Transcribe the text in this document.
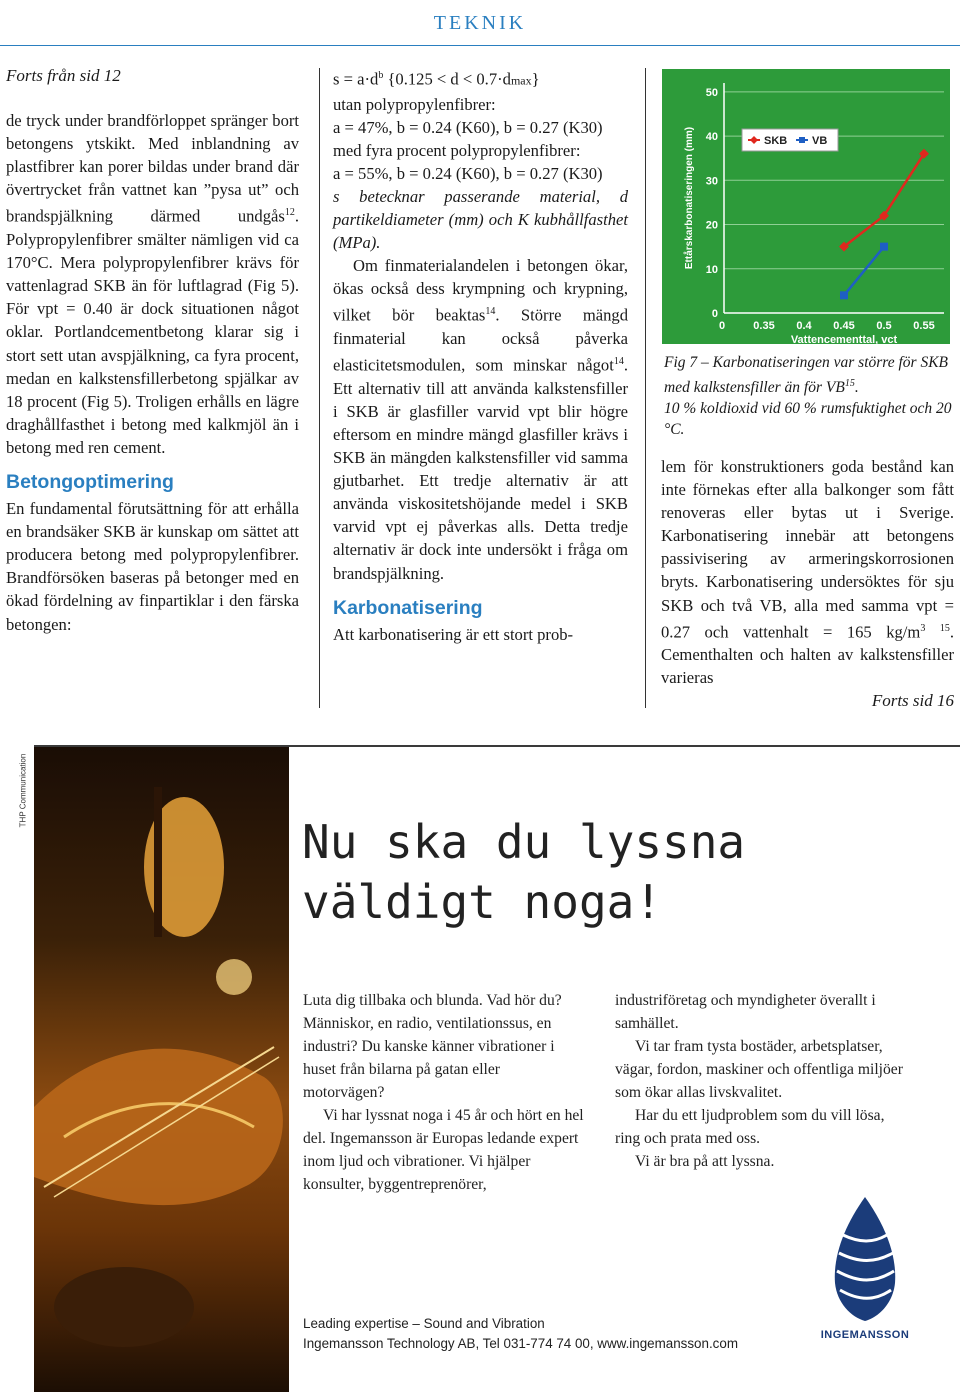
TEKNIK

Forts från sid 12

de tryck under brandförloppet spränger bort betongens ytskikt. Med inblandning av plastfibrer kan porer bildas under brand där övertrycket från vattnet kan ”pysa ut” och brandspjälkning därmed undgås$^{12}$. Polypropylenfibrer smälter nämligen vid ca 170°C. Mera polypropylenfibrer krävs för vattenlagrad SKB än för luftlagrad (Fig 5). För vpt = 0.40 är dock situationen något oklar. Portlandcementbetong klarar sig i stort sett utan avspjälkning, ca fyra procent, medan en kalkstensfillerbetong spjälkar av 18 procent (Fig 5). Troligen erhålls en lägre draghållfasthet i betong med kalkmjöl än i betong med ren cement.

Betongoptimering

En fundamental förutsättning för att erhålla en brandsäker SKB är kunskap om sättet att producera betong med polypropylenfibrer. Brandförsöken baseras på betonger med en ökad fördelning av finpartiklar i den färska betongen:

$s = a\cdot d^b$ {0.125 < d < 0.7·dmax}

utan polypropylenfibrer:

a = 47%, b = 0.24 (K60), b = 0.27 (K30)

med fyra procent polypropylenfibrer:

a = 55%, b = 0.24 (K60), b = 0.27 (K30)

s betecknar passerande material, d partikeldiameter (mm) och K kubhållfasthet (MPa).

Om finmaterialandelen i betongen ökar, ökas också dess krympning och krypning, vilket bör beaktas$^{14}$. Större mängd finmaterial kan också påverka elasticitetsmodulen, som minskar något$^{14}$. Ett alternativ till att använda kalkstensfiller i SKB är glasfiller varvid vpt blir högre eftersom en mindre mängd glasfiller krävs i SKB än mängden kalkstensfiller vid samma gjutbarhet. Ett tredje alternativ är att använda viskositetshöjande medel i SKB varvid vpt ej påverkas alls. Detta tredje alternativ är dock inte undersökt i fråga om brandspjälkning.

Karbonatisering

Att karbonatisering är ett stort prob-

0
10
20
30
40
50
0	0.35 0.4 0.45 0.5 0.55
Vattencementtal, vct
Ettårskarbonatiseringen (mm)	SKB VB
Fig 7 – Karbonatiseringen var större för SKB med kalkstensfiller än för VB$^{15}$.
10 % koldioxid vid 60 % rumsfuktighet och 20 °C.

lem för konstruktioners goda bestånd kan inte förnekas efter alla balkonger som fått renoveras eller bytas ut i Sverige. Karbonatisering innebär att betongens passivisering av armeringskorrosionen bryts. Karbonatisering undersöktes för sju SKB och två VB, alla med samma vpt = 0.27 och vattenhalt = 165 $kg/m^3$ $^{15}$. Cementhalten och halten av kalkstensfiller varieras

Forts sid 16

THP Communication
Nu ska du lyssna
väldigt noga!

Luta dig tillbaka och blunda. Vad hör du? Människor, en radio, ventilationssus, en industri? Du kanske känner vibrationer i huset från bilarna på gatan eller motorvägen?

Vi har lyssnat noga i 45 år och hört en hel del. Ingemansson är Europas ledande expert inom ljud och vibrationer. Vi hjälper konsulter, byggentreprenörer,

industriföretag och myndigheter överallt i samhället.

Vi tar fram tysta bostäder, arbetsplatser, vägar, fordon, maskiner och offentliga miljöer som ökar allas livskvalitet.

Har du ett ljudproblem som du vill lösa, ring och prata med oss.

Vi är bra på att lyssna.

Leading expertise – Sound and Vibration
Ingemansson Technology AB, Tel 031-774 74 00, www.ingemansson.com
INGEMANSSON
